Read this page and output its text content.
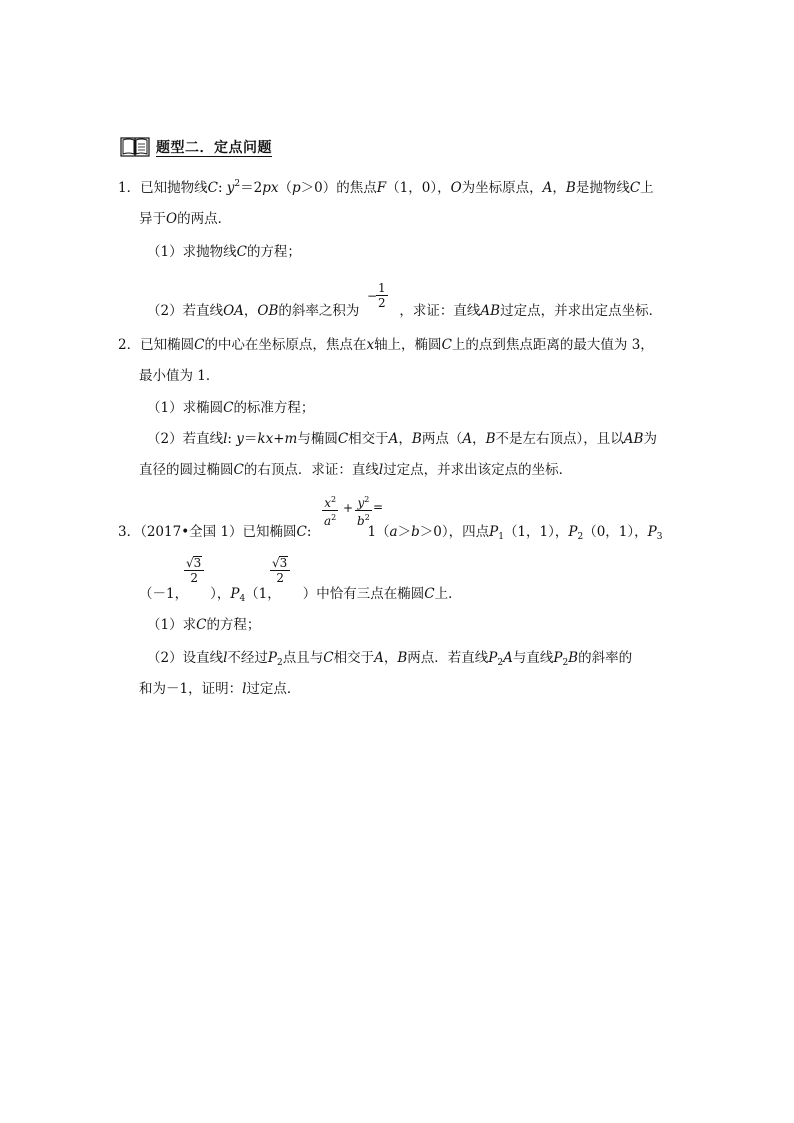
题型二．定点问题
1．已知抛物线C: $y^2=2px(p>0)$的焦点F（1，0），O为坐标原点，A，B是抛物线C上
异于O的两点．
（1）求抛物线C的方程；
（2）若直线OA，OB的斜率之积为	，求证：直线AB过定点，并求出定点坐标．
−
1
2
2．已知椭圆C的中心在坐标原点，焦点在x轴上，椭圆C上的点到焦点距离的最大值为 3，
最小值为 1．
（1）求椭圆C的标准方程；
（2）若直线l: y＝kx+m与椭圆C相交于A，B两点（A，B不是左右顶点），且以AB为
直径的圆过椭圆C的右顶点．求证：直线l过定点，并求出该定点的坐标．
3．（2017•全国 1）已知椭圆C:	1（a＞b＞0），四点$P_1(1$，1），$P_2(0$，1），$P_3$
$x^2$
$a^2$
+ $y^2$
$b^2$
=
（－1， ），$P_4(1$， ）中恰有三点在椭圆C上．
√3
2
√3
2
（1）求C的方程；
（2）设直线l不经过$P_2$点且与C相交于A，B两点．若直线$P_2A$与直线$P_2B$的斜率的
和为－1，证明：l过定点．
